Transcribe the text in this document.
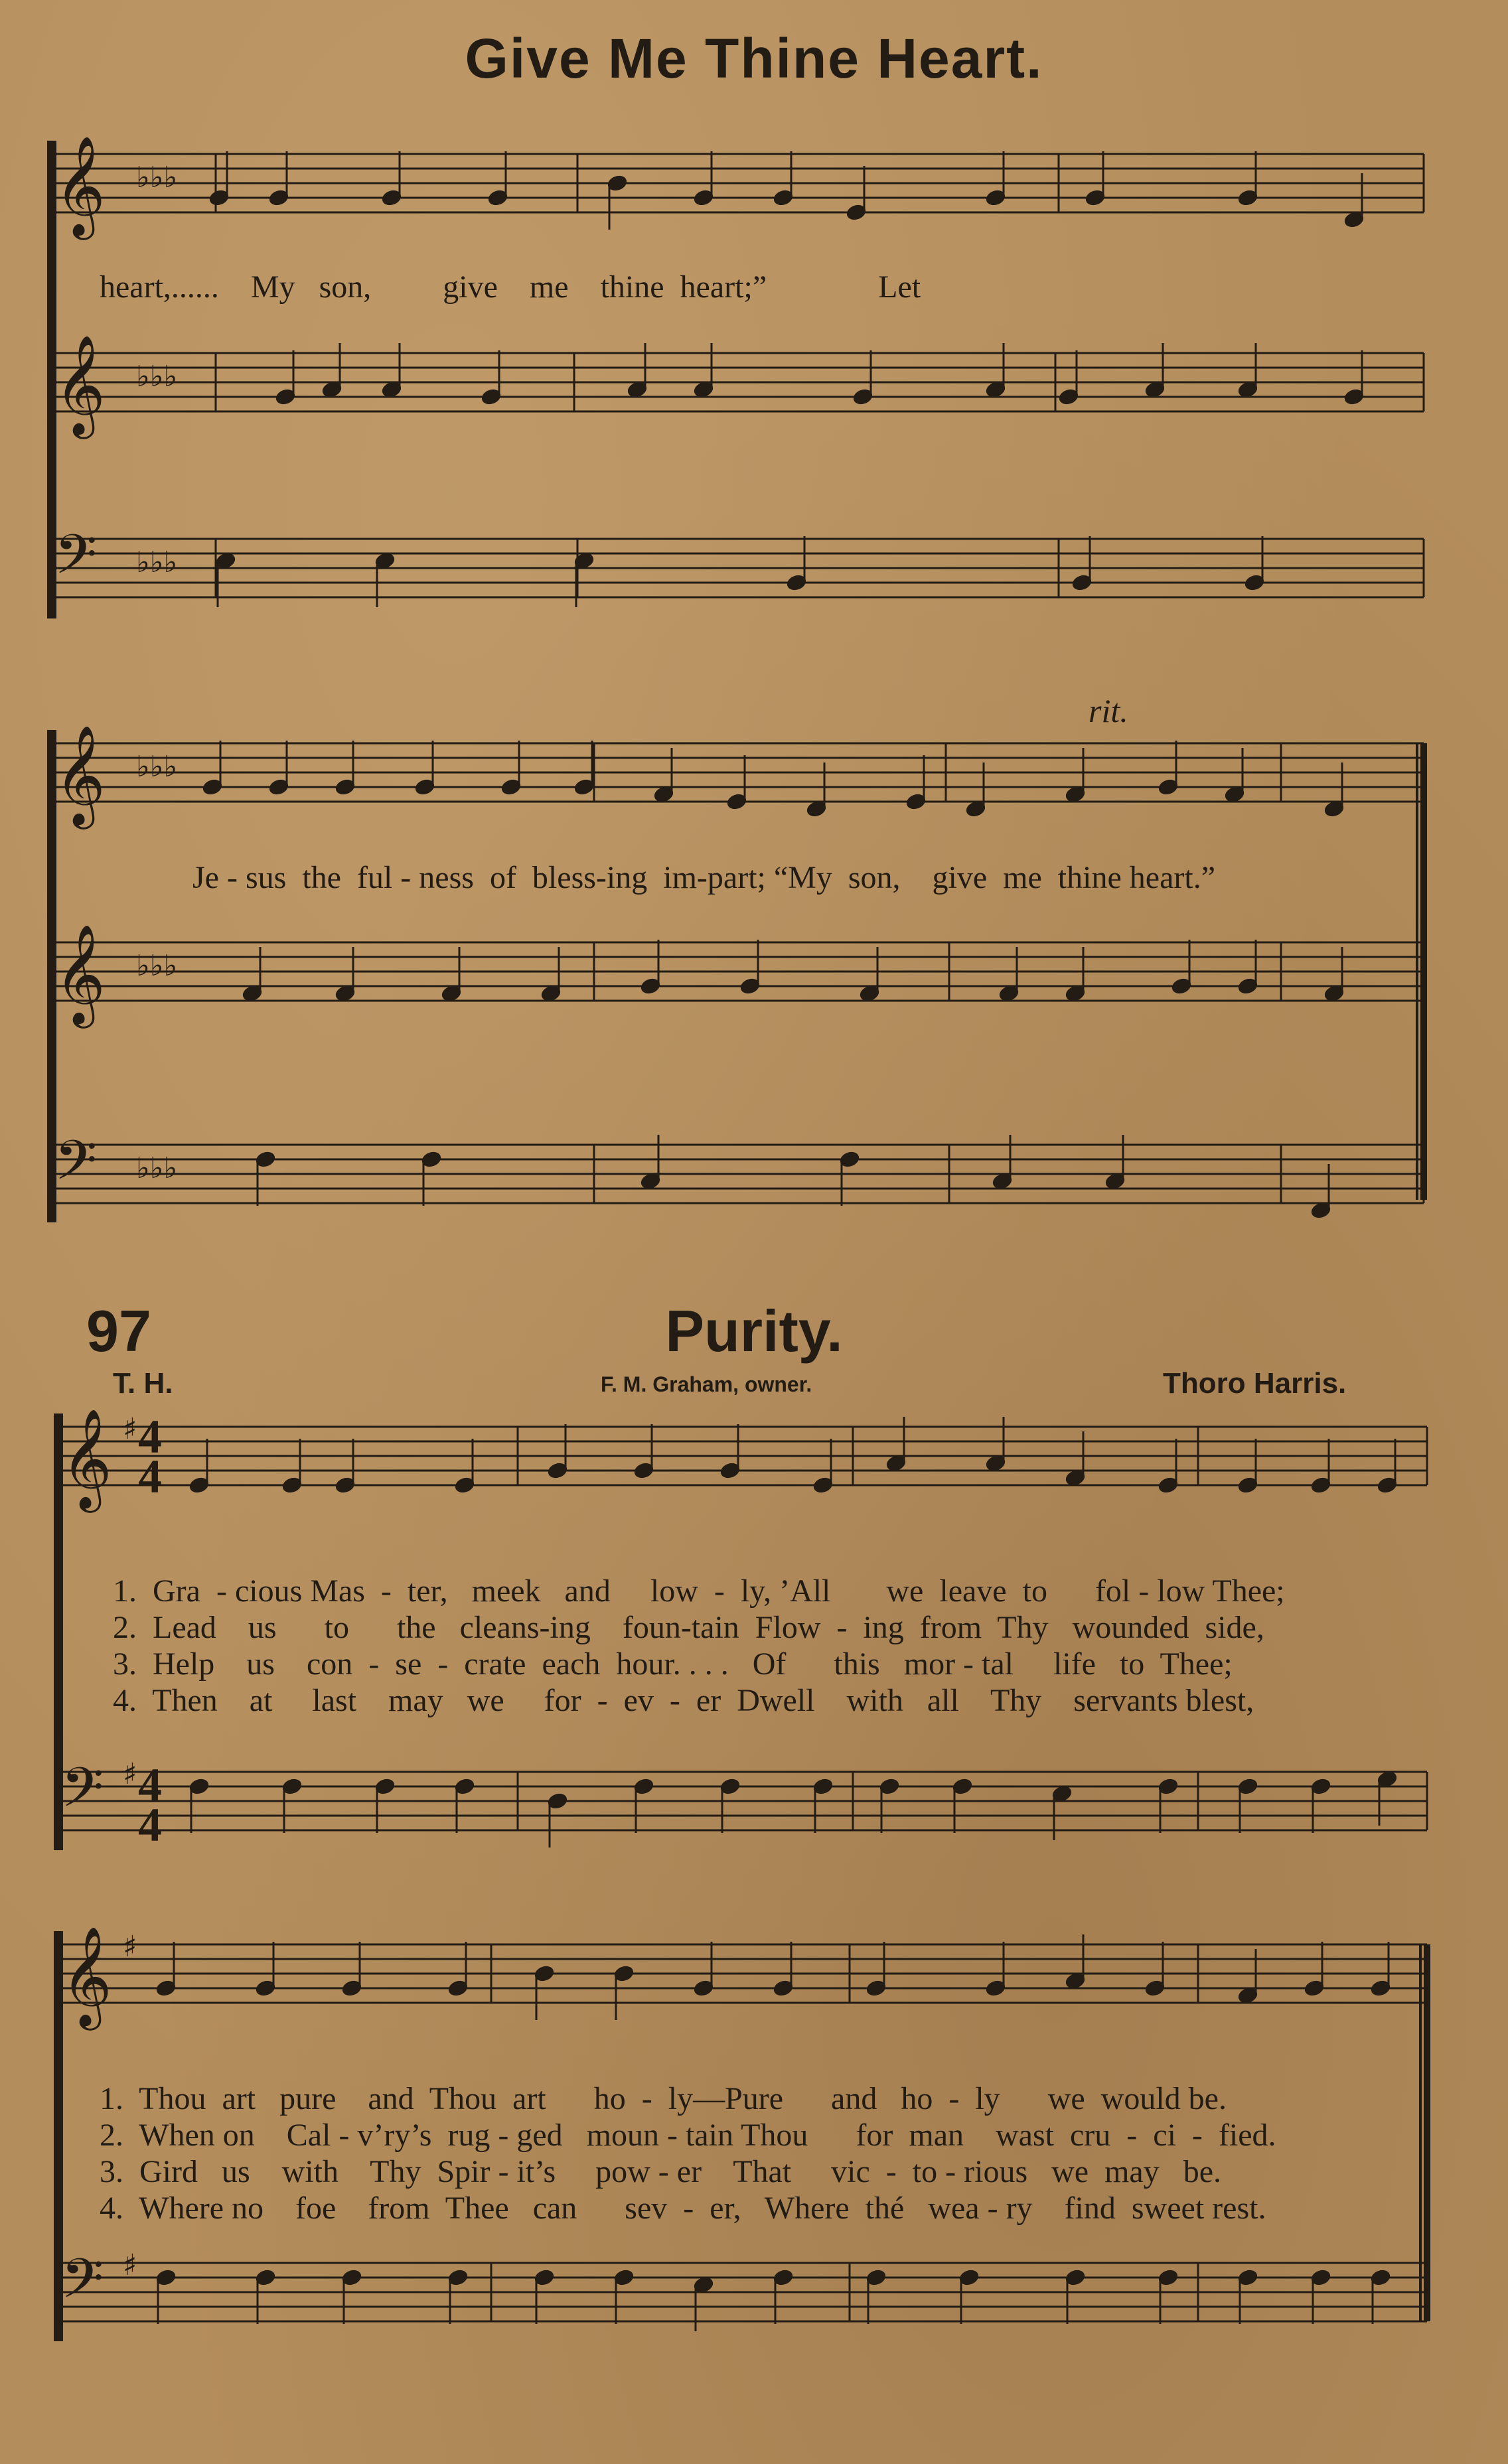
Give Me Thine Heart.
97	Purity.
T. H.	F. M. Graham, owner.	Thoro Harris.
rit.
heart,......    My   son,         give    me    thine  heart;”              Let
Je - sus  the  ful - ness  of  bless-ing  im-part; “My  son,    give  me  thine heart.”
1.  Gra  - cious Mas  -  ter,   meek   and     low  -  ly, ’All       we  leave  to      fol - low Thee;
2.  Lead    us      to      the   cleans-ing    foun-tain  Flow  -  ing  from  Thy   wounded  side,
3.  Help    us    con  -  se  -  crate  each  hour. . . .   Of      this   mor - tal     life   to  Thee;
4.  Then    at     last    may   we     for  -  ev  -  er  Dwell    with   all    Thy    servants blest,
1.  Thou  art   pure    and  Thou  art      ho  -  ly—Pure      and   ho  -  ly      we  would be.
2.  When on    Cal - v’ry’s  rug - ged   moun - tain Thou      for  man    wast  cru  -  ci  -  fied.
3.  Gird   us    with    Thy  Spir - it’s     pow - er    That     vic  -  to - rious   we  may   be.
4.  Where no    foe    from  Thee   can      sev  -  er,   Where  thé   wea - ry    find  sweet rest.
4
4
4
4
𝄞 ♭♭♭
𝄞 ♭♭♭
𝄢 ♭♭♭
𝄞 ♭♭♭
𝄞 ♭♭♭
𝄢 ♭♭♭
𝄞 ♯
𝄢 ♯
𝄞 ♯
𝄢 ♯
